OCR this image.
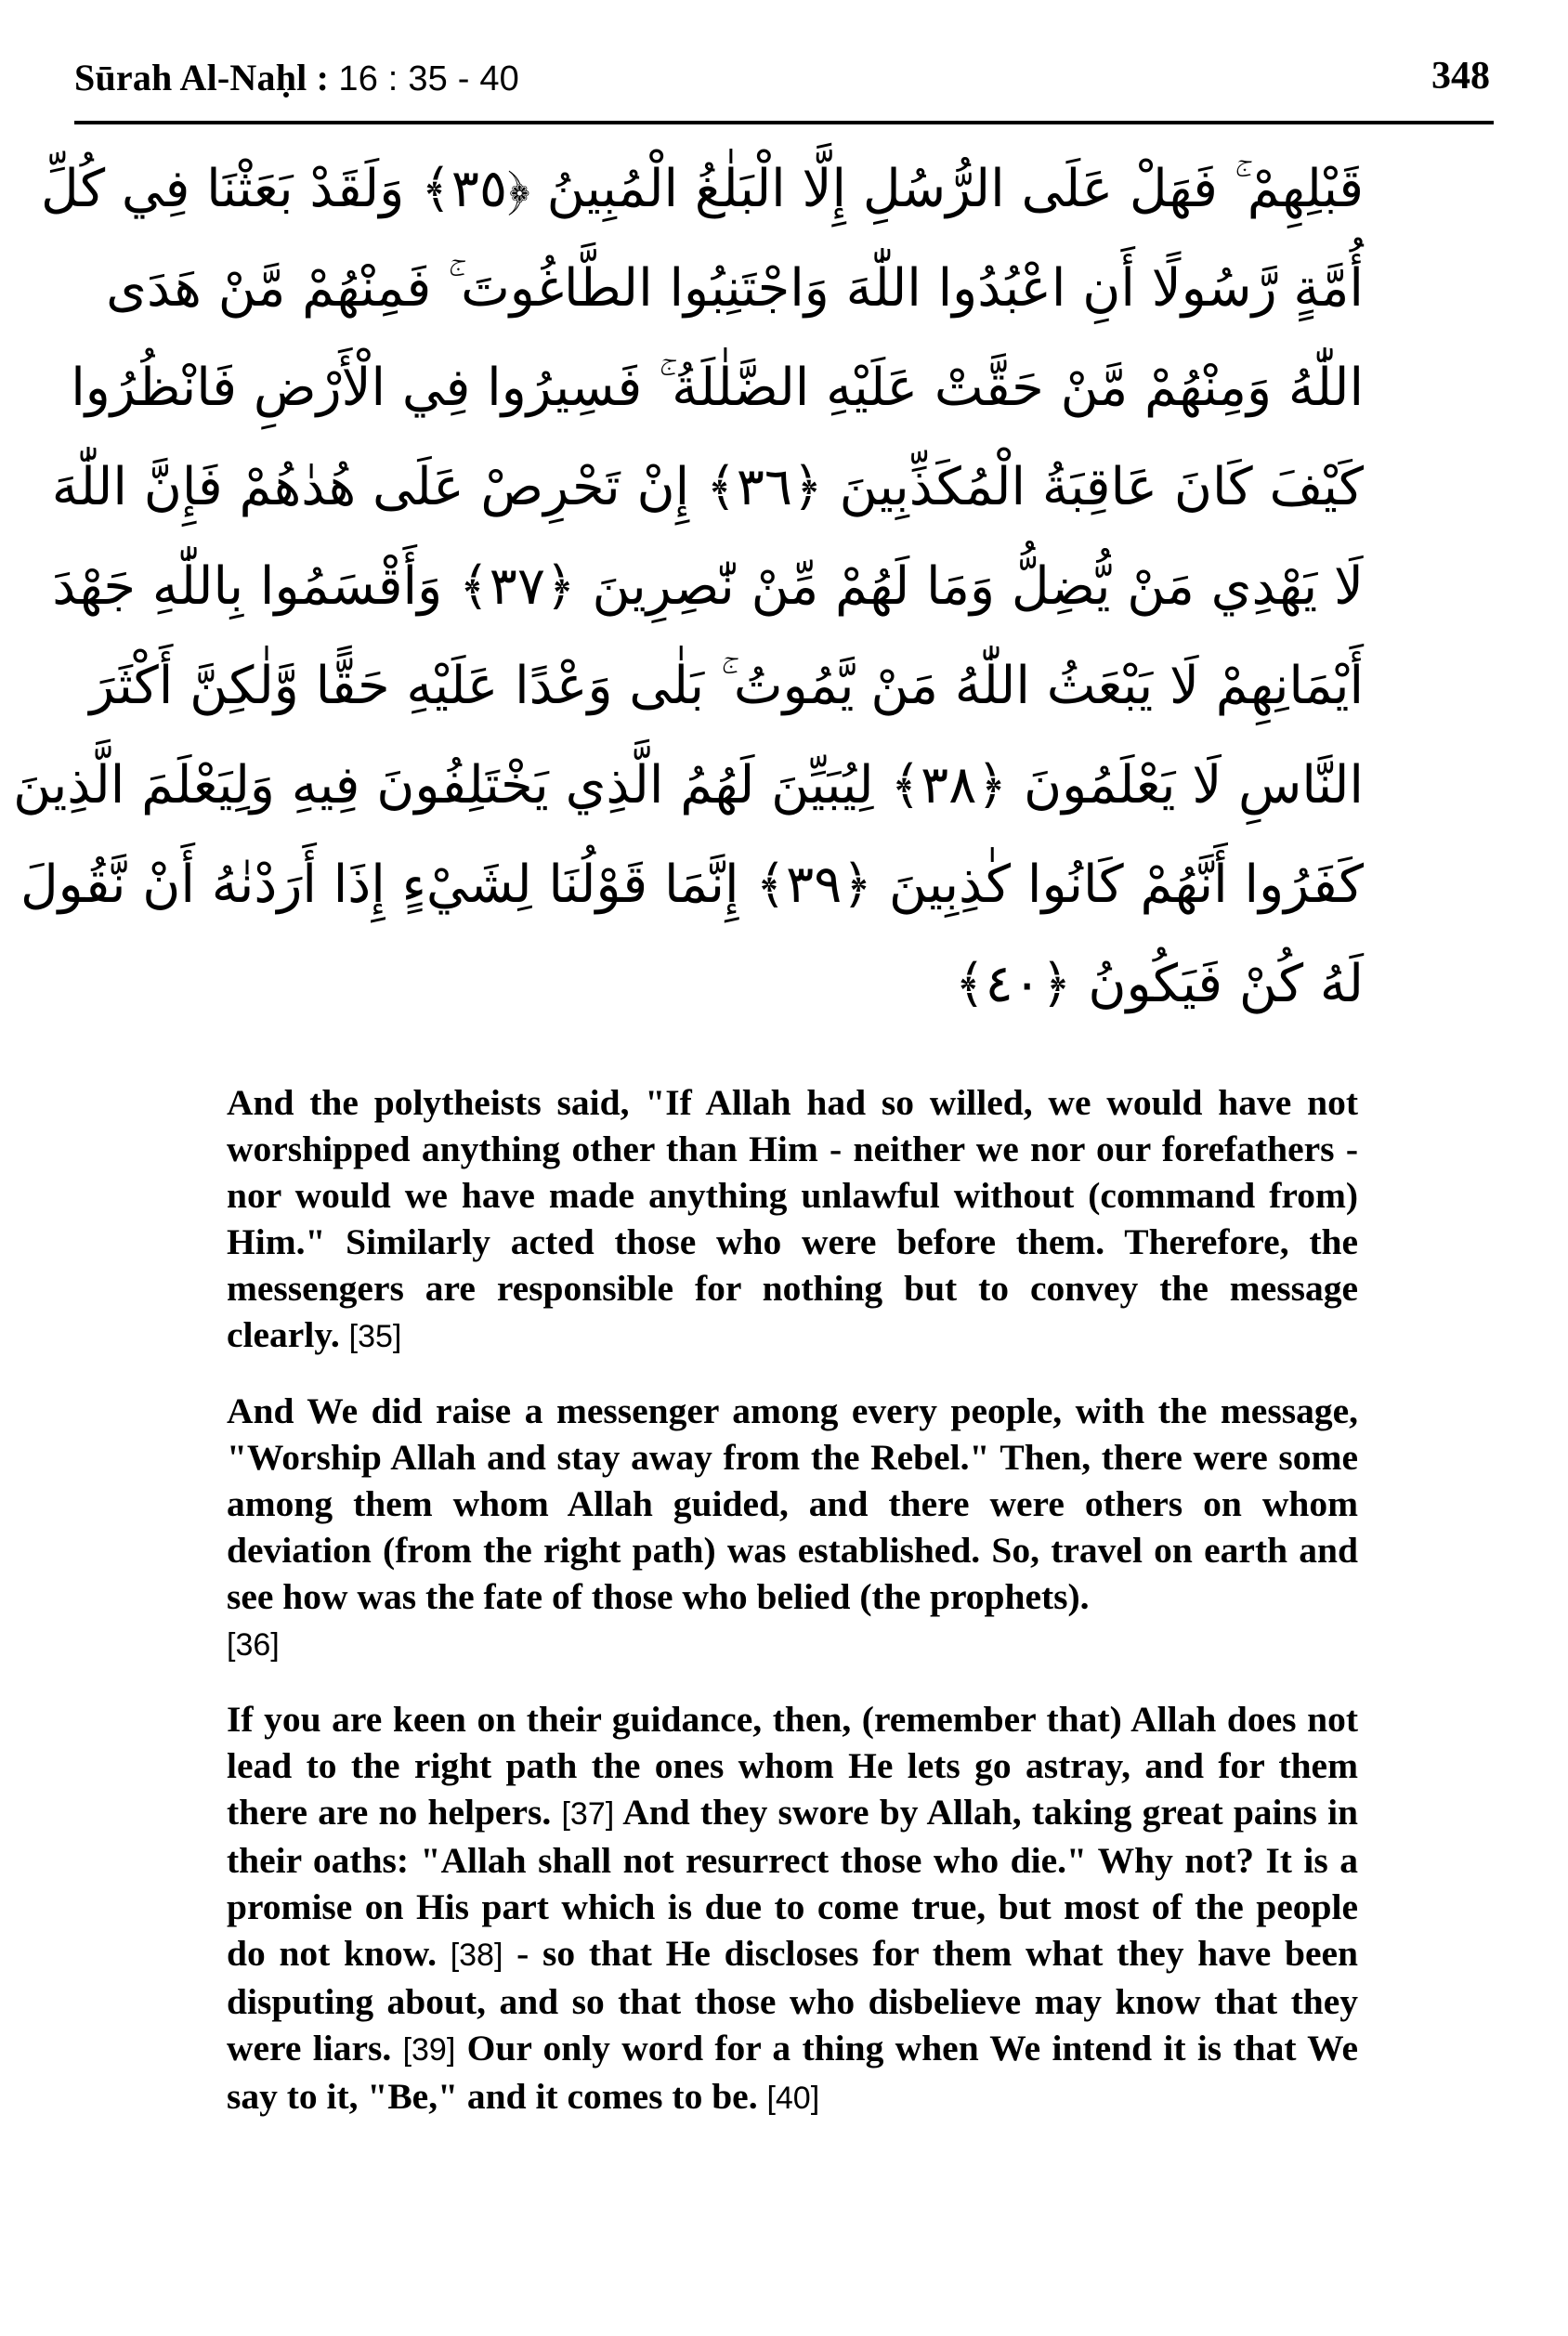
Sūrah Al-Naḥl : 16 : 35 - 40	348
قَبْلِهِمْ ۚ فَهَلْ عَلَى الرُّسُلِ إِلَّا الْبَلٰغُ الْمُبِينُ ﴿٣٥﴾ وَلَقَدْ بَعَثْنَا فِي كُلِّ
أُمَّةٍ رَّسُولًا أَنِ اعْبُدُوا اللّٰهَ وَاجْتَنِبُوا الطَّاغُوتَ ۚ فَمِنْهُمْ مَّنْ هَدَى
اللّٰهُ وَمِنْهُمْ مَّنْ حَقَّتْ عَلَيْهِ الضَّلٰلَةُ ۚ فَسِيرُوا فِي الْأَرْضِ فَانْظُرُوا
كَيْفَ كَانَ عَاقِبَةُ الْمُكَذِّبِينَ ﴿٣٦﴾ إِنْ تَحْرِصْ عَلَى هُدٰهُمْ فَإِنَّ اللّٰهَ
لَا يَهْدِي مَنْ يُّضِلُّ وَمَا لَهُمْ مِّنْ نّٰصِرِينَ ﴿٣٧﴾ وَأَقْسَمُوا بِاللّٰهِ جَهْدَ
أَيْمَانِهِمْ لَا يَبْعَثُ اللّٰهُ مَنْ يَّمُوتُ ۚ بَلٰى وَعْدًا عَلَيْهِ حَقًّا وَّلٰكِنَّ أَكْثَرَ
النَّاسِ لَا يَعْلَمُونَ ﴿٣٨﴾ لِيُبَيِّنَ لَهُمُ الَّذِي يَخْتَلِفُونَ فِيهِ وَلِيَعْلَمَ الَّذِينَ
كَفَرُوا أَنَّهُمْ كَانُوا كٰذِبِينَ ﴿٣٩﴾ إِنَّمَا قَوْلُنَا لِشَيْءٍ إِذَا أَرَدْنٰهُ أَنْ نَّقُولَ
لَهُ كُنْ فَيَكُونُ ﴿٤٠﴾

And the polytheists said, "If Allah had so willed, we would have not worshipped anything other than Him - neither we nor our forefathers - nor would we have made anything unlawful without (command from) Him." Similarly acted those who were before them. Therefore, the messengers are responsible for nothing but to convey the message clearly. [35]

And We did raise a messenger among every people, with the message, "Worship Allah and stay away from the Rebel." Then, there were some among them whom Allah guided, and there were others on whom deviation (from the right path) was established. So, travel on earth and see how was the fate of those who belied (the prophets).
[36]

If you are keen on their guidance, then, (remember that) Allah does not lead to the right path the ones whom He lets go astray, and for them there are no helpers. [37] And they swore by Allah, taking great pains in their oaths: "Allah shall not resurrect those who die." Why not? It is a promise on His part which is due to come true, but most of the people do not know. [38] - so that He discloses for them what they have been disputing about, and so that those who disbelieve may know that they were liars. [39] Our only word for a thing when We intend it is that We say to it, "Be," and it comes to be. [40]
